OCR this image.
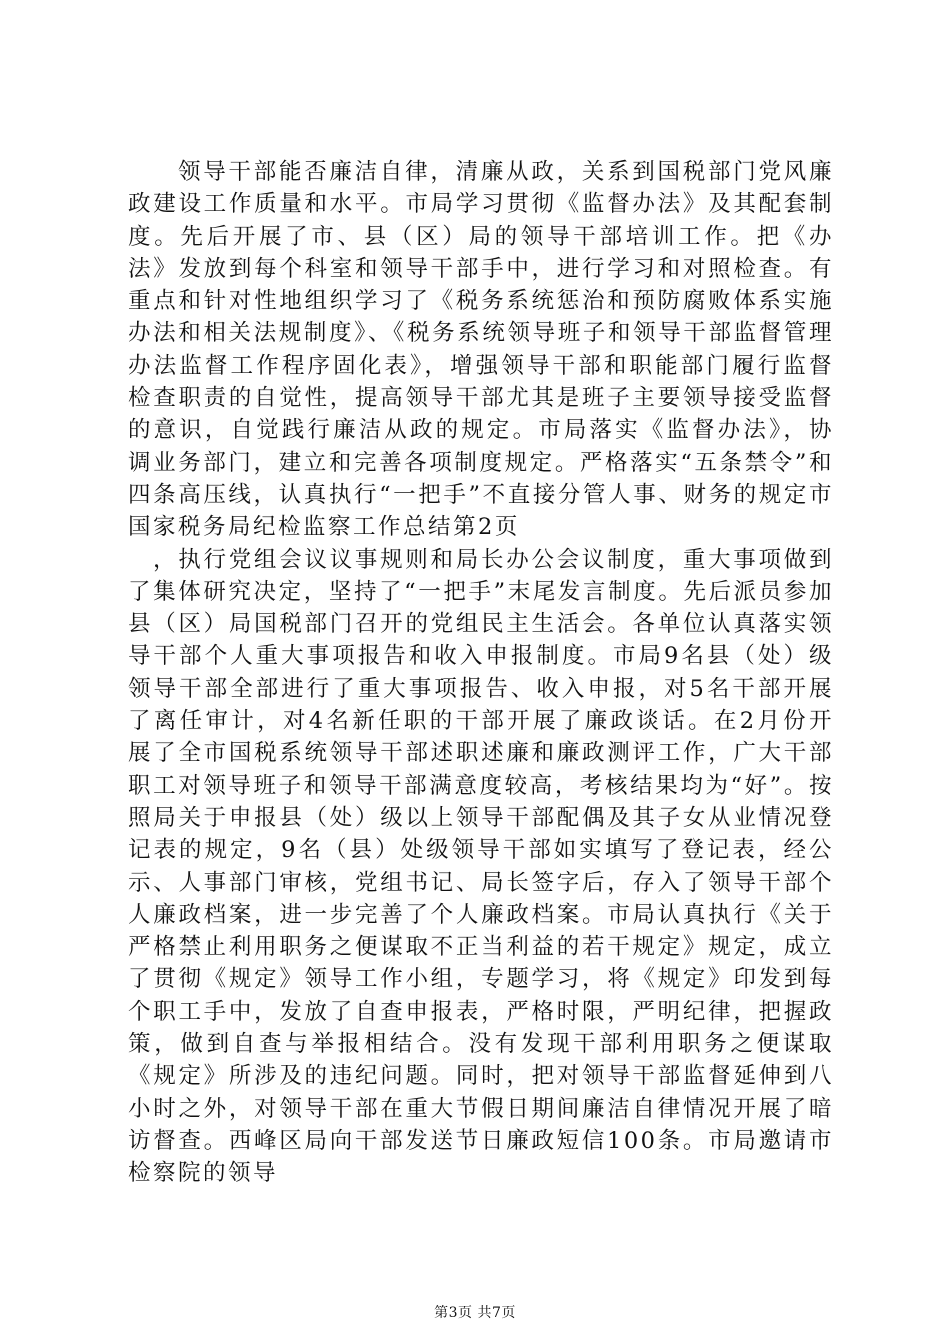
领导干部能否廉洁自律，清廉从政，关系到国税部门党风廉政建设工作质量和水平。市局学习贯彻《监督办法》及其配套制度。先后开展了市、县（区）局的领导干部培训工作。把《办法》发放到每个科室和领导干部手中，进行学习和对照检查。有重点和针对性地组织学习了《税务系统惩治和预防腐败体系实施办法和相关法规制度》、《税务系统领导班子和领导干部监督管理办法监督工作程序固化表》，增强领导干部和职能部门履行监督检查职责的自觉性，提高领导干部尤其是班子主要领导接受监督的意识，自觉践行廉洁从政的规定。市局落实《监督办法》，协调业务部门，建立和完善各项制度规定。严格落实“五条禁令”和四条高压线，认真执行“一把手”不直接分管人事、财务的规定市国家税务局纪检监察工作总结第2页

，执行党组会议议事规则和局长办公会议制度，重大事项做到了集体研究决定，坚持了“一把手”末尾发言制度。先后派员参加县（区）局国税部门召开的党组民主生活会。各单位认真落实领导干部个人重大事项报告和收入申报制度。市局9名县（处）级领导干部全部进行了重大事项报告、收入申报，对5名干部开展了离任审计，对4名新任职的干部开展了廉政谈话。在2月份开展了全市国税系统领导干部述职述廉和廉政测评工作，广大干部职工对领导班子和领导干部满意度较高，考核结果均为“好”。按照局关于申报县（处）级以上领导干部配偶及其子女从业情况登记表的规定，9名（县）处级领导干部如实填写了登记表，经公示、人事部门审核，党组书记、局长签字后，存入了领导干部个人廉政档案，进一步完善了个人廉政档案。市局认真执行《关于严格禁止利用职务之便谋取不正当利益的若干规定》规定，成立了贯彻《规定》领导工作小组，专题学习，将《规定》印发到每个职工手中，发放了自查申报表，严格时限，严明纪律，把握政策，做到自查与举报相结合。没有发现干部利用职务之便谋取《规定》所涉及的违纪问题。同时，把对领导干部监督延伸到八小时之外，对领导干部在重大节假日期间廉洁自律情况开展了暗访督查。西峰区局向干部发送节日廉政短信100条。市局邀请市检察院的领导

第3页 共7页
